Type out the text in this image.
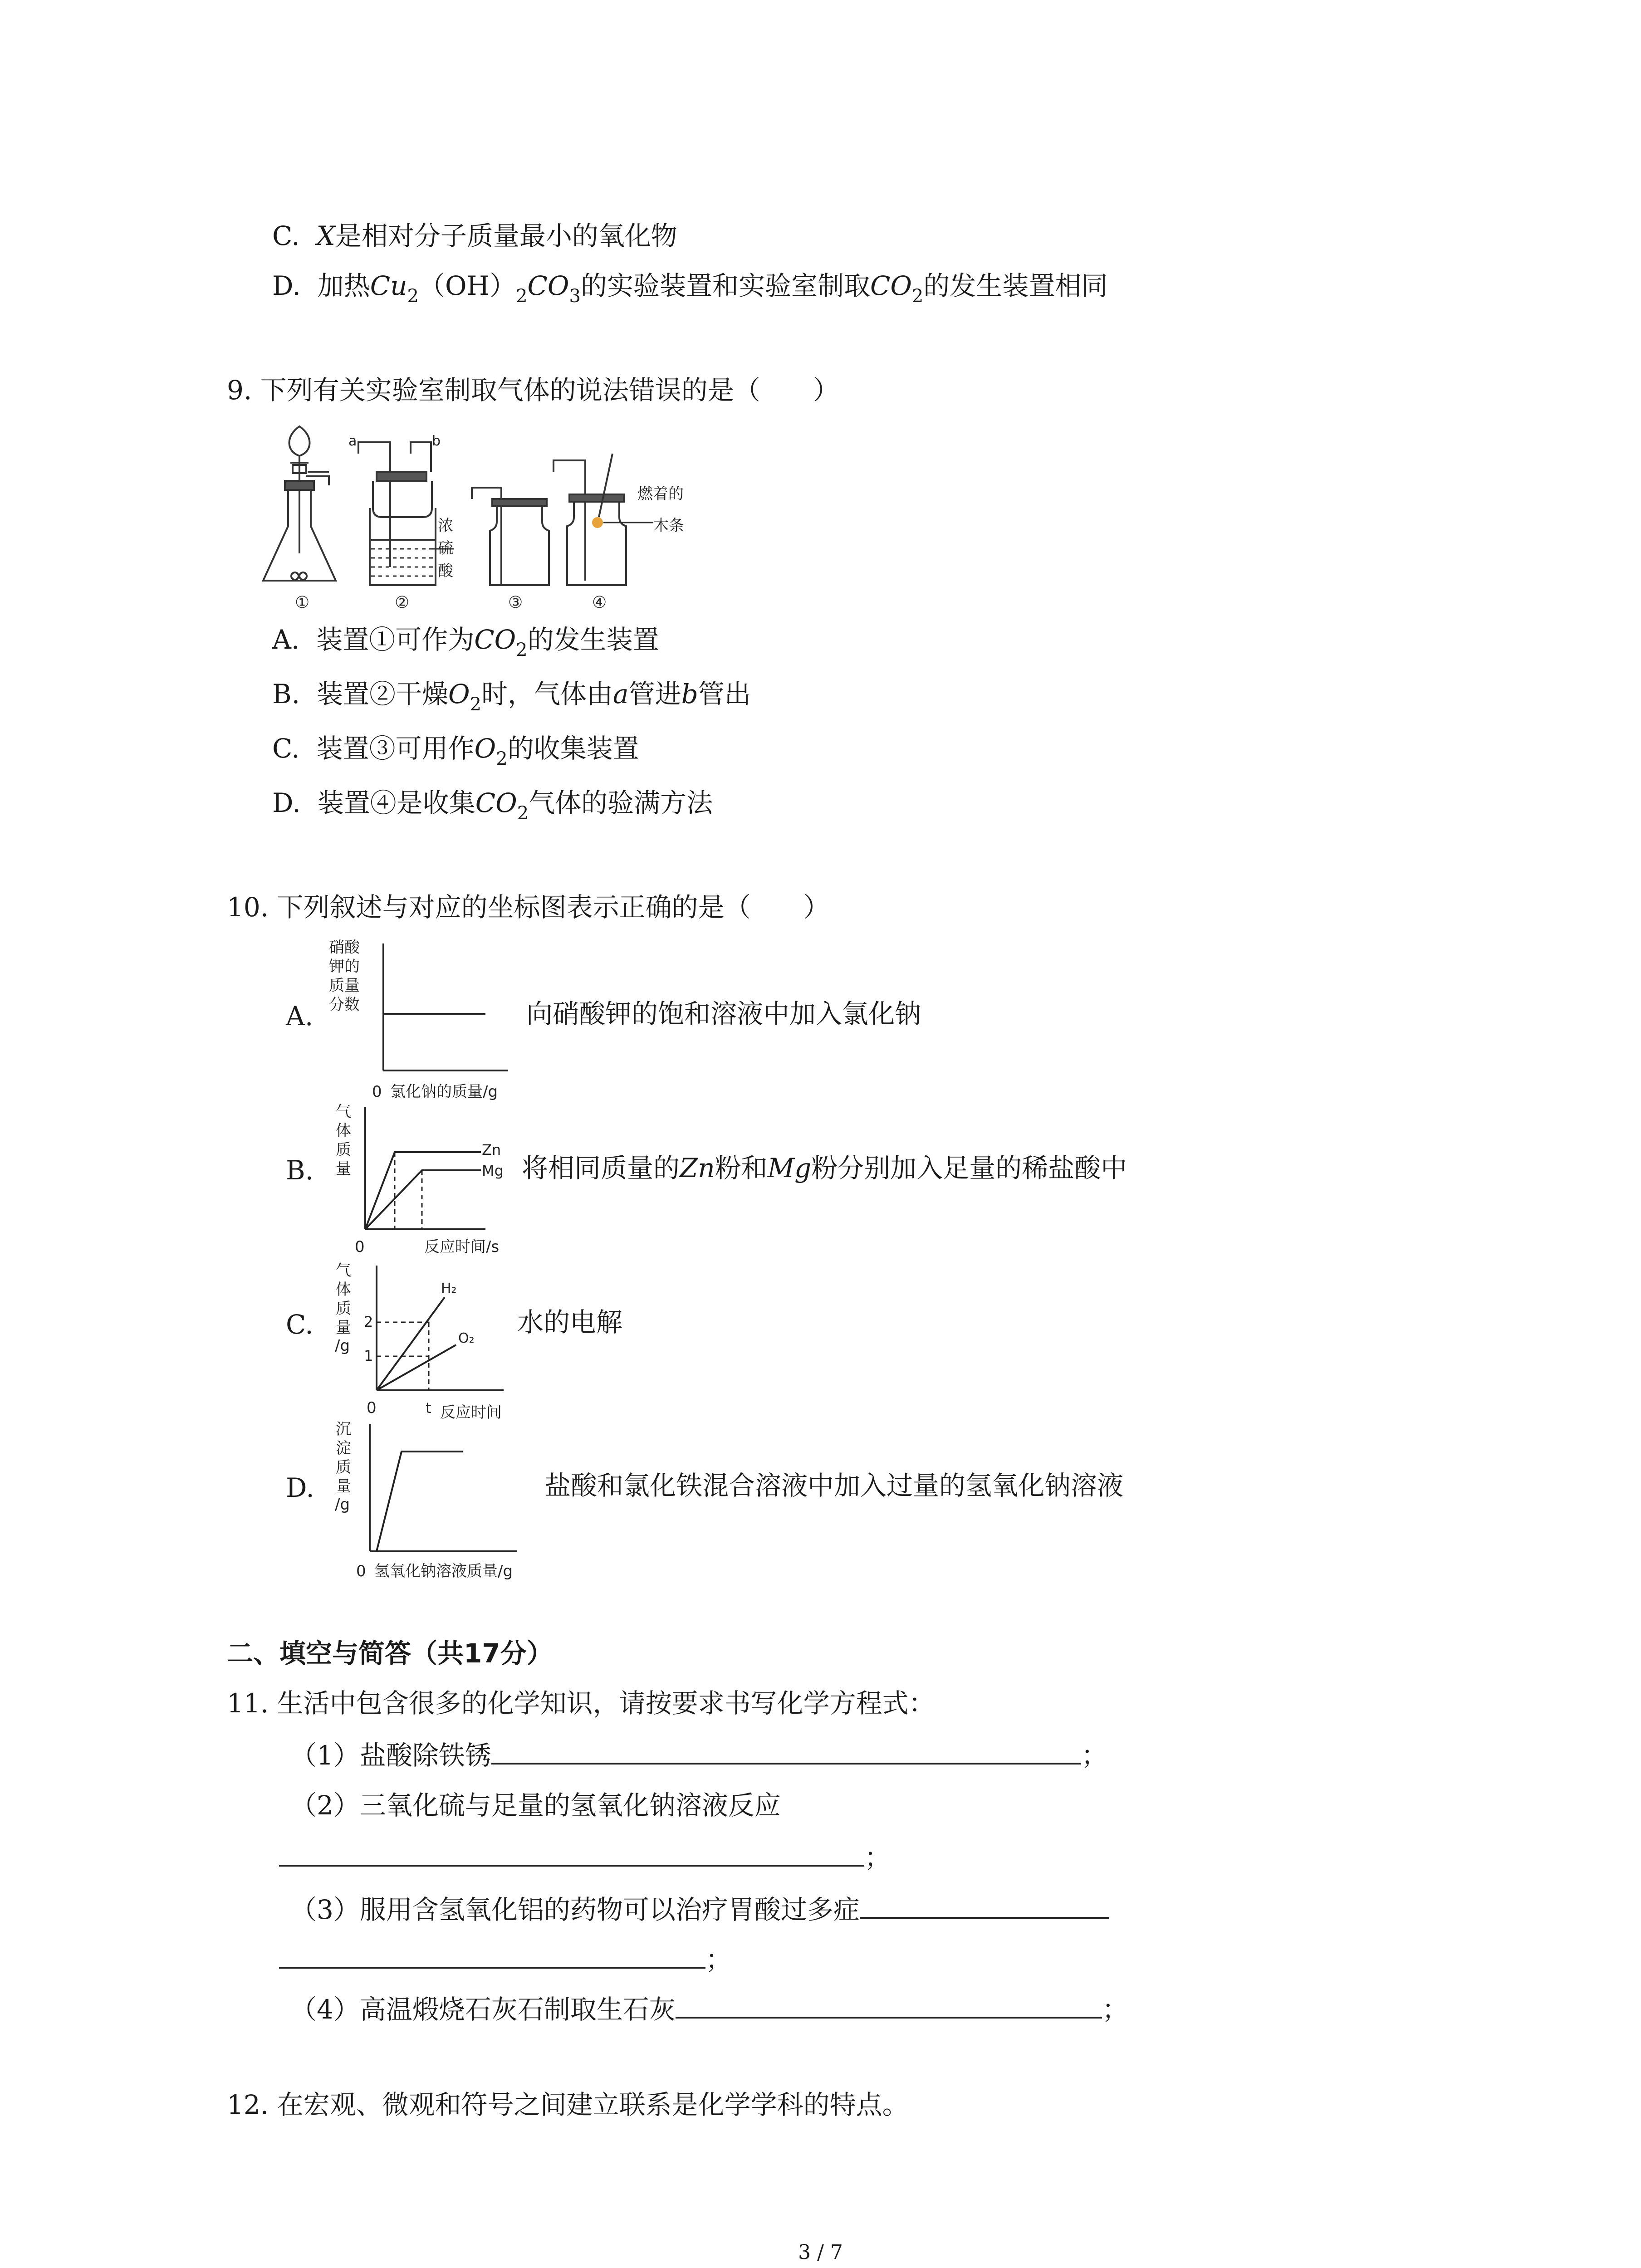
C. X是相对分子质量最小的氧化物
D. 加热$Cu_2(OH)_2CO_3$的实验装置和实验室制取$CO_2$的发生装置相同
9. 下列有关实验室制取气体的说法错误的是（　　）
①
a	b
浓
硫
酸
②	③
燃着的
木条
④
A. 装置①可作为$CO_2$的发生装置
B. 装置②干燥$O_2$时，气体由a管进b管出
C. 装置③可用作$O_2$的收集装置
D. 装置④是收集$CO_2$气体的验满方法
10. 下列叙述与对应的坐标图表示正确的是（　　）
A.
硝酸
钾的
质量
分数
0 氯化钠的质量/g
向硝酸钾的饱和溶液中加入氯化钠
B.
气
体
质
量
Zn
Mg
0	反应时间/s
将相同质量的Zn粉和Mg粉分别加入足量的稀盐酸中
C.
气
体
质
量
/g
2
1
H₂
O₂
0	t 反应时间
水的电解
D.
沉
淀
质
量
/g
0 氢氧化钠溶液质量/g
盐酸和氯化铁混合溶液中加入过量的氢氧化钠溶液
二、填空与简答（共17分）
11. 生活中包含很多的化学知识，请按要求书写化学方程式：
（1）盐酸除铁锈	；
（2）三氧化硫与足量的氢氧化钠溶液反应
；
（3）服用含氢氧化铝的药物可以治疗胃酸过多症
；
（4）高温煅烧石灰石制取生石灰	；
12. 在宏观、微观和符号之间建立联系是化学学科的特点。
3 / 7
